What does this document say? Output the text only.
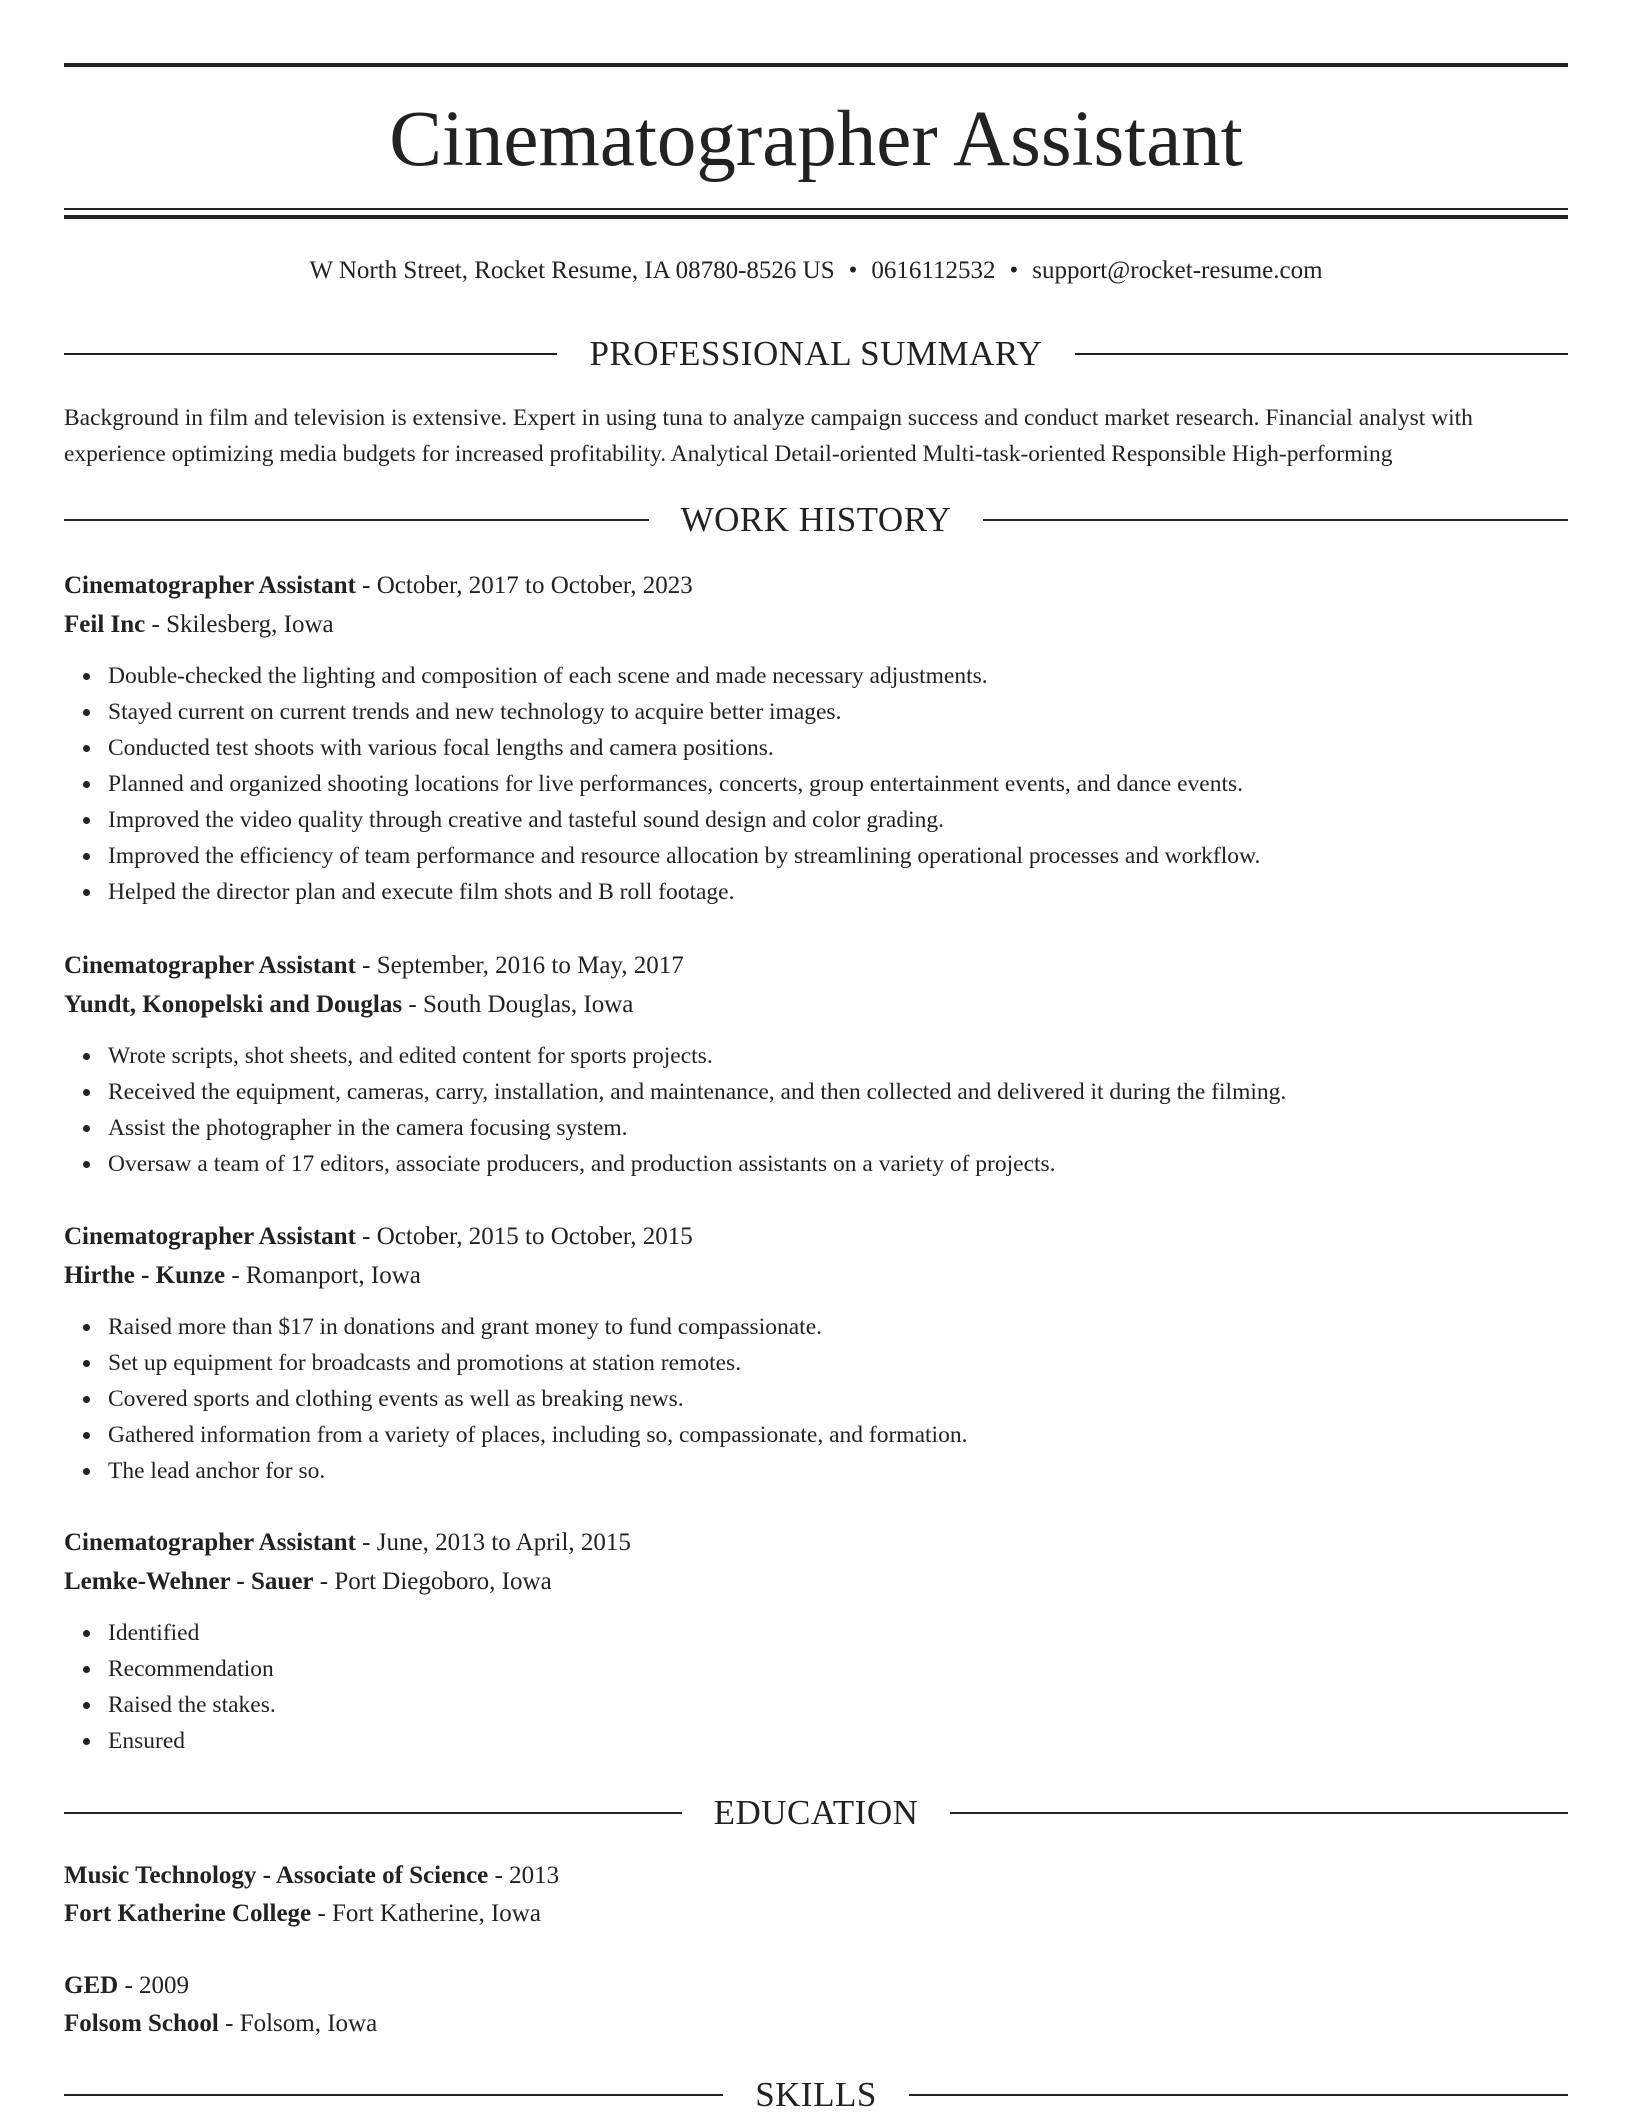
Cinematographer Assistant
W North Street, Rocket Resume, IA 08780-8526 US • 0616112532 • support@rocket-resume.com
PROFESSIONAL SUMMARY

Background in film and television is extensive. Expert in using tuna to analyze campaign success and conduct market research. Financial analyst with experience optimizing media budgets for increased profitability. Analytical Detail-oriented Multi-task-oriented Responsible High-performing

WORK HISTORY
Cinematographer Assistant - October, 2017 to October, 2023
Feil Inc - Skilesberg, Iowa
Double-checked the lighting and composition of each scene and made necessary adjustments.
Stayed current on current trends and new technology to acquire better images.
Conducted test shoots with various focal lengths and camera positions.
Planned and organized shooting locations for live performances, concerts, group entertainment events, and dance events.
Improved the video quality through creative and tasteful sound design and color grading.
Improved the efficiency of team performance and resource allocation by streamlining operational processes and workflow.
Helped the director plan and execute film shots and B roll footage.
Cinematographer Assistant - September, 2016 to May, 2017
Yundt, Konopelski and Douglas - South Douglas, Iowa
Wrote scripts, shot sheets, and edited content for sports projects.
Received the equipment, cameras, carry, installation, and maintenance, and then collected and delivered it during the filming.
Assist the photographer in the camera focusing system.
Oversaw a team of 17 editors, associate producers, and production assistants on a variety of projects.
Cinematographer Assistant - October, 2015 to October, 2015
Hirthe - Kunze - Romanport, Iowa
Raised more than $17 in donations and grant money to fund compassionate.
Set up equipment for broadcasts and promotions at station remotes.
Covered sports and clothing events as well as breaking news.
Gathered information from a variety of places, including so, compassionate, and formation.
The lead anchor for so.
Cinematographer Assistant - June, 2013 to April, 2015
Lemke-Wehner - Sauer - Port Diegoboro, Iowa
Identified
Recommendation
Raised the stakes.
Ensured
EDUCATION
Music Technology - Associate of Science - 2013
Fort Katherine College - Fort Katherine, Iowa
GED - 2009
Folsom School - Folsom, Iowa
SKILLS
